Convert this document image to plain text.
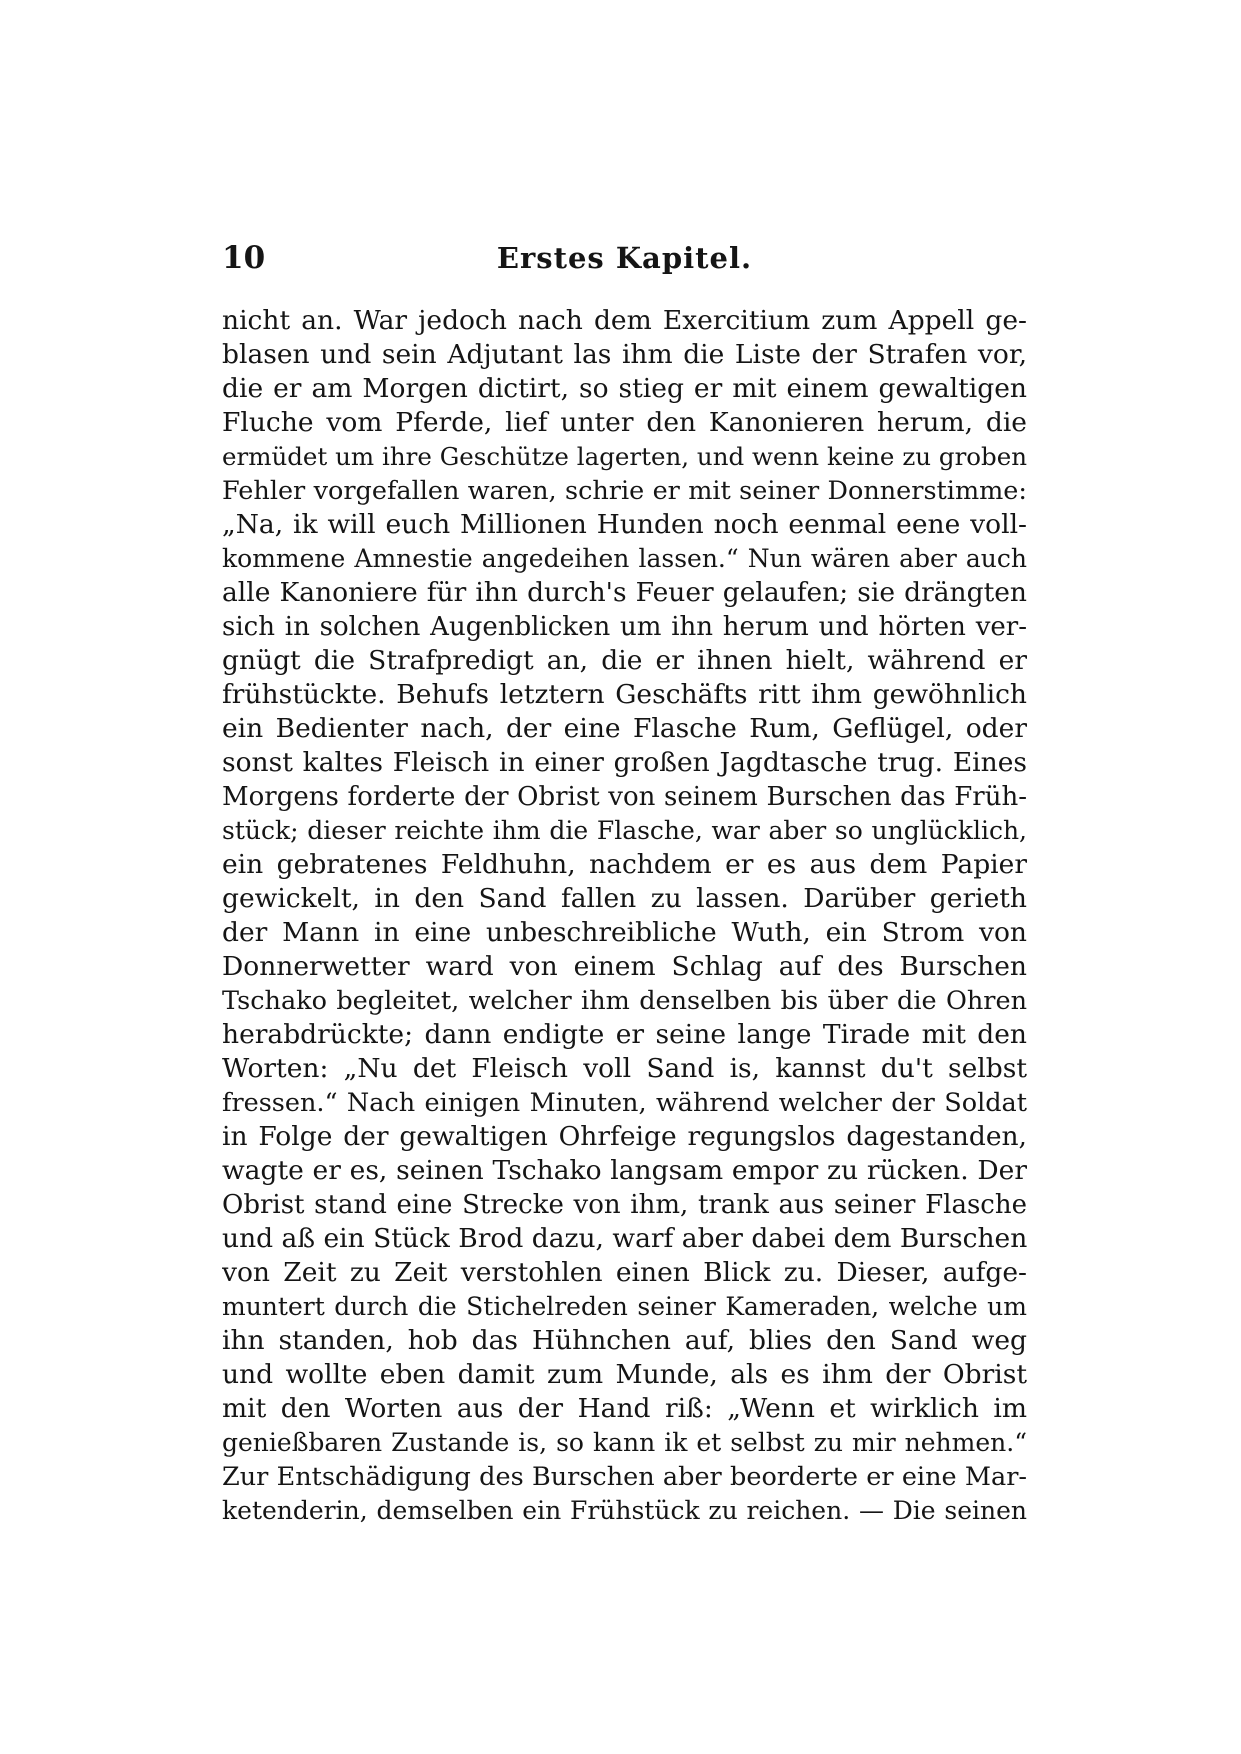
10	Erstes Kapitel.
nicht an. War jedoch nach dem Exercitium zum Appell ge-
blasen und sein Adjutant las ihm die Liste der Strafen vor,
die er am Morgen dictirt, so stieg er mit einem gewaltigen
Fluche vom Pferde, lief unter den Kanonieren herum, die
ermüdet um ihre Geschütze lagerten, und wenn keine zu groben
Fehler vorgefallen waren, schrie er mit seiner Donnerstimme:
„Na, ik will euch Millionen Hunden noch eenmal eene voll-
kommene Amnestie angedeihen lassen.“ Nun wären aber auch
alle Kanoniere für ihn durch's Feuer gelaufen; sie drängten
sich in solchen Augenblicken um ihn herum und hörten ver-
gnügt die Strafpredigt an, die er ihnen hielt, während er
frühstückte. Behufs letztern Geschäfts ritt ihm gewöhnlich
ein Bedienter nach, der eine Flasche Rum, Geflügel, oder
sonst kaltes Fleisch in einer großen Jagdtasche trug. Eines
Morgens forderte der Obrist von seinem Burschen das Früh-
stück; dieser reichte ihm die Flasche, war aber so unglücklich,
ein gebratenes Feldhuhn, nachdem er es aus dem Papier
gewickelt, in den Sand fallen zu lassen. Darüber gerieth
der Mann in eine unbeschreibliche Wuth, ein Strom von
Donnerwetter ward von einem Schlag auf des Burschen
Tschako begleitet, welcher ihm denselben bis über die Ohren
herabdrückte; dann endigte er seine lange Tirade mit den
Worten: „Nu det Fleisch voll Sand is, kannst du't selbst
fressen.“ Nach einigen Minuten, während welcher der Soldat
in Folge der gewaltigen Ohrfeige regungslos dagestanden,
wagte er es, seinen Tschako langsam empor zu rücken. Der
Obrist stand eine Strecke von ihm, trank aus seiner Flasche
und aß ein Stück Brod dazu, warf aber dabei dem Burschen
von Zeit zu Zeit verstohlen einen Blick zu. Dieser, aufge-
muntert durch die Stichelreden seiner Kameraden, welche um
ihn standen, hob das Hühnchen auf, blies den Sand weg
und wollte eben damit zum Munde, als es ihm der Obrist
mit den Worten aus der Hand riß: „Wenn et wirklich im
genießbaren Zustande is, so kann ik et selbst zu mir nehmen.“
Zur Entschädigung des Burschen aber beorderte er eine Mar-
ketenderin, demselben ein Frühstück zu reichen. — Die seinen
